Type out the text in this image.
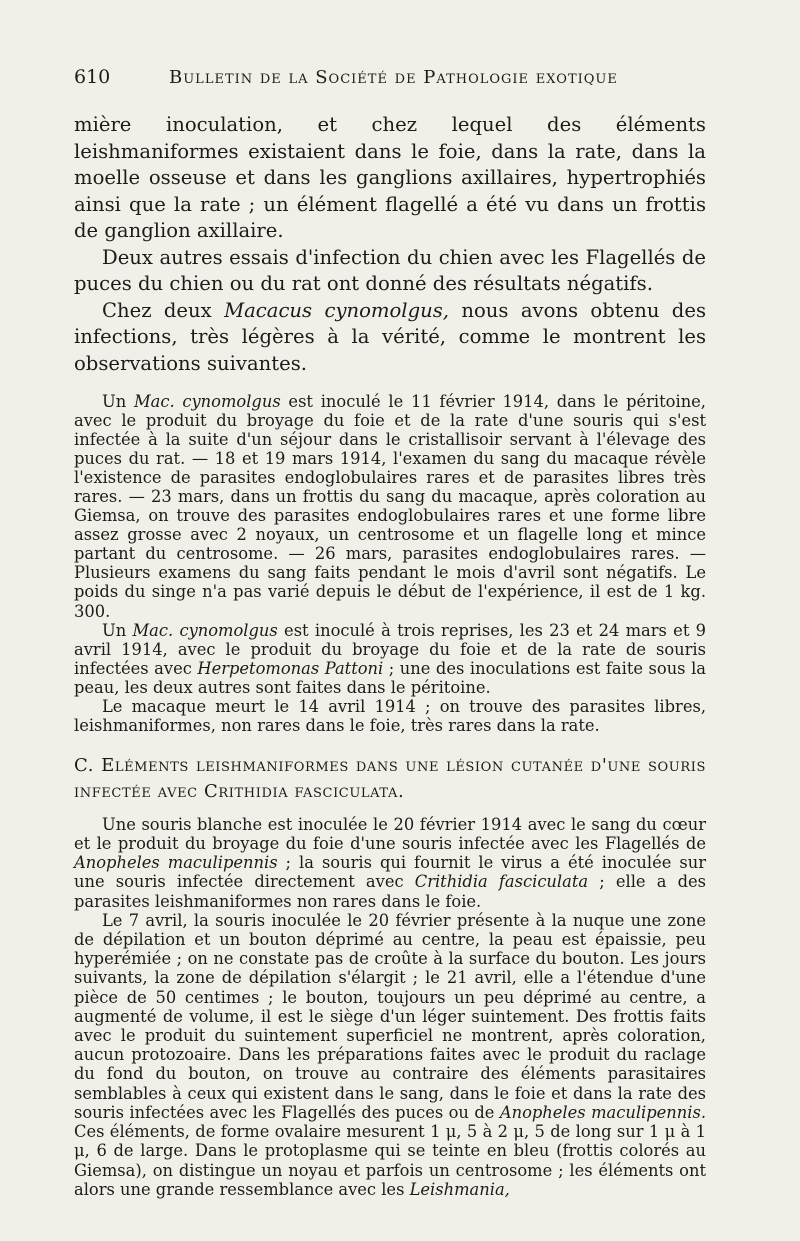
610	Bulletin de la Société de Pathologie exotique

mière inoculation, et chez lequel des éléments leishmaniformes existaient dans le foie, dans la rate, dans la moelle osseuse et dans les ganglions axillaires, hypertrophiés ainsi que la rate ; un élément flagellé a été vu dans un frottis de ganglion axillaire.

Deux autres essais d'infection du chien avec les Flagellés de puces du chien ou du rat ont donné des résultats négatifs.

Chez deux Macacus cynomolgus, nous avons obtenu des infections, très légères à la vérité, comme le montrent les observations suivantes.

Un Mac. cynomolgus est inoculé le 11 février 1914, dans le péritoine, avec le produit du broyage du foie et de la rate d'une souris qui s'est infectée à la suite d'un séjour dans le cristallisoir servant à l'élevage des puces du rat. — 18 et 19 mars 1914, l'examen du sang du macaque révèle l'existence de parasites endoglobulaires rares et de parasites libres très rares. — 23 mars, dans un frottis du sang du macaque, après coloration au Giemsa, on trouve des parasites endoglobulaires rares et une forme libre assez grosse avec 2 noyaux, un centrosome et un flagelle long et mince partant du centrosome. — 26 mars, parasites endoglobulaires rares. — Plusieurs examens du sang faits pendant le mois d'avril sont négatifs. Le poids du singe n'a pas varié depuis le début de l'expérience, il est de 1 kg. 300.

Un Mac. cynomolgus est inoculé à trois reprises, les 23 et 24 mars et 9 avril 1914, avec le produit du broyage du foie et de la rate de souris infectées avec Herpetomonas Pattoni ; une des inoculations est faite sous la peau, les deux autres sont faites dans le péritoine.

Le macaque meurt le 14 avril 1914 ; on trouve des parasites libres, leishmaniformes, non rares dans le foie, très rares dans la rate.

C. Eléments leishmaniformes dans une lésion cutanée d'une souris infectée avec Crithidia fasciculata.

Une souris blanche est inoculée le 20 février 1914 avec le sang du cœur et le produit du broyage du foie d'une souris infectée avec les Flagellés de Anopheles maculipennis ; la souris qui fournit le virus a été inoculée sur une souris infectée directement avec Crithidia fasciculata ; elle a des parasites leishmaniformes non rares dans le foie.

Le 7 avril, la souris inoculée le 20 février présente à la nuque une zone de dépilation et un bouton déprimé au centre, la peau est épaissie, peu hyperémiée ; on ne constate pas de croûte à la surface du bouton. Les jours suivants, la zone de dépilation s'élargit ; le 21 avril, elle a l'étendue d'une pièce de 50 centimes ; le bouton, toujours un peu déprimé au centre, a augmenté de volume, il est le siège d'un léger suintement. Des frottis faits avec le produit du suintement superficiel ne montrent, après coloration, aucun protozoaire. Dans les préparations faites avec le produit du raclage du fond du bouton, on trouve au contraire des éléments parasitaires semblables à ceux qui existent dans le sang, dans le foie et dans la rate des souris infectées avec les Flagellés des puces ou de Anopheles maculipennis. Ces éléments, de forme ovalaire mesurent 1 μ, 5 à 2 μ, 5 de long sur 1 μ à 1 μ, 6 de large. Dans le protoplasme qui se teinte en bleu (frottis colorés au Giemsa), on distingue un noyau et parfois un centrosome ; les éléments ont alors une grande ressemblance avec les Leishmania,
